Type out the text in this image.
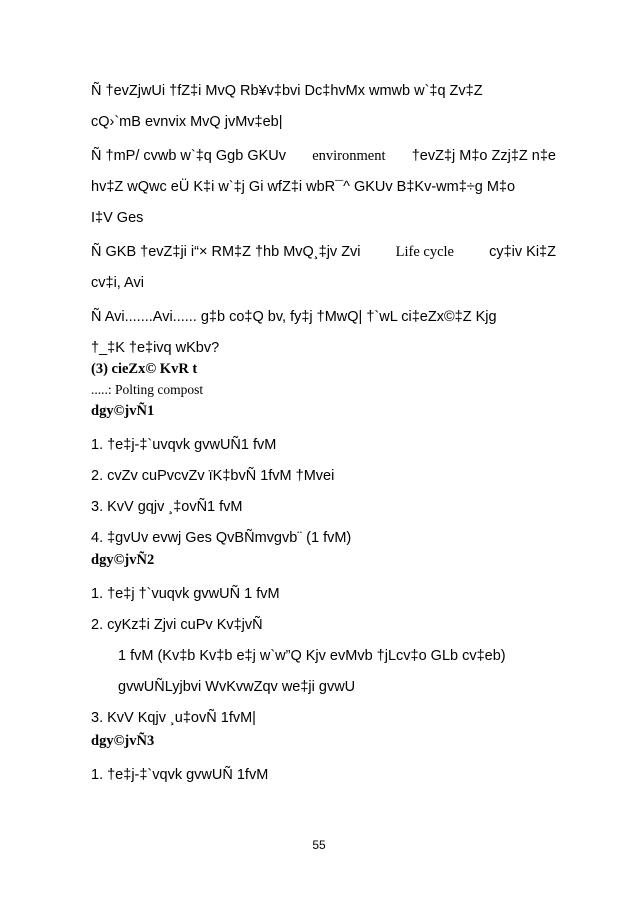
Ñ †evZjwUi †fZ‡i MvQ Rb¥v‡bvi Dc‡hvMx wmwb w`‡q Zv‡Z
cQ›`mB evnvix MvQ jvMv‡eb|
Ñ †mP/ cvwb w`‡q Ggb GKUv environment †evZ‡j M‡o Zzj‡Z n‡e
hv‡Z wQwc eÜ K‡i w`‡j Gi wfZ‡i wbR¯^ GKUv B‡Kv-wm‡÷g M‡o
I‡V Ges
Ñ GKB †evZ‡ji i“× RM‡Z †hb MvQ¸‡jv Zvi Life cycle cy‡iv Ki‡Z
cv‡i, Avi
Ñ Avi.......Avi...... g‡b co‡Q bv, fy‡j †MwQ| †`wL ci‡eZx©‡Z Kjg
†_‡K †e‡ivq wKbv?
(3) cieZx© KvR t
.....: Polting compost
dgy©jvÑ1
1. †e‡j-‡`uvqvk gvwUÑ1 fvM
2. cvZv cuPvcvZv ïK‡bvÑ 1fvM †Mvei
3. KvV gqjv ¸‡ovÑ1 fvM
4. ‡gvUv evwj Ges QvBÑmvgvb¨ (1 fvM)
dgy©jvÑ2
1. †e‡j †`vuqvk gvwUÑ 1 fvM
2. cyKz‡i Zjvi cuPv Kv‡jvÑ
1 fvM (Kv‡b Kv‡b e‡j w`w”Q Kjv evMvb †jLcv‡o GLb cv‡eb)
gvwUÑLyjbvi WvKvwZqv we‡ji gvwU
3. KvV Kqjv ¸u‡ovÑ 1fvM|
dgy©jvÑ3
1. †e‡j-‡`vqvk gvwUÑ 1fvM
55
